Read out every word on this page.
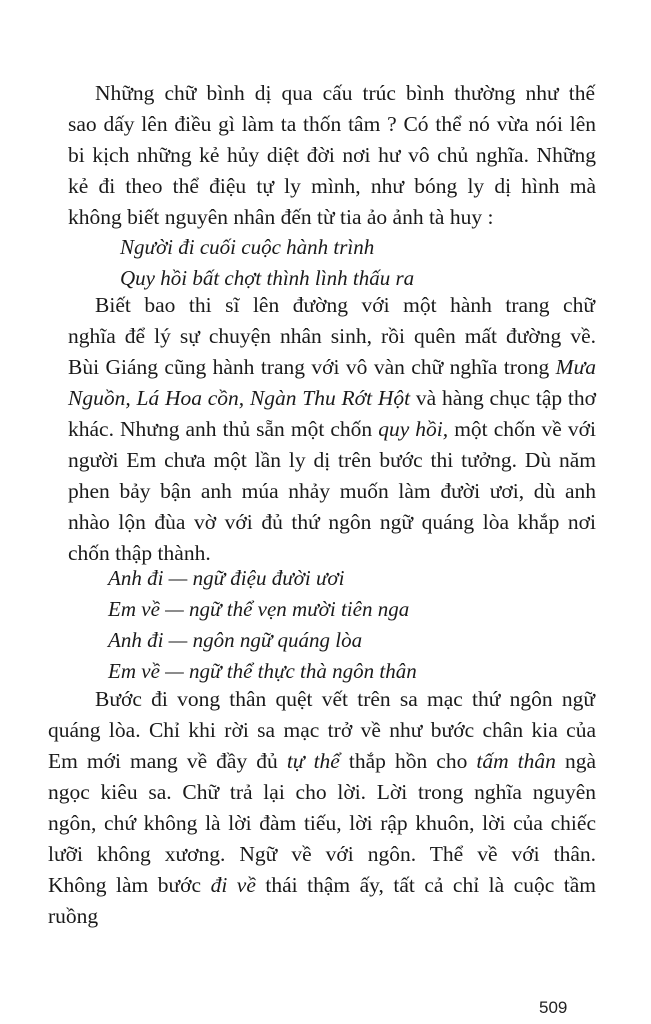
Những chữ bình dị qua cấu trúc bình thường như thế
sao dấy lên điều gì làm ta thốn tâm ? Có thể nó vừa nói lên
bi kịch những kẻ hủy diệt đời nơi hư vô chủ nghĩa. Những
kẻ đi theo thể điệu tự ly mình, như bóng ly dị hình mà
không biết nguyên nhân đến từ tia ảo ảnh tà huy :
Người đi cuối cuộc hành trình
Quy hồi bất chợt thình lình thấu ra
Biết bao thi sĩ lên đường với một hành trang chữ
nghĩa để lý sự chuyện nhân sinh, rồi quên mất đường về.
Bùi Giáng cũng hành trang với vô vàn chữ nghĩa trong Mưa
Nguồn, Lá Hoa cồn, Ngàn Thu Rớt Hột và hàng chục tập thơ
khác. Nhưng anh thủ sẵn một chốn quy hồi, một chốn về với
người Em chưa một lần ly dị trên bước thi tưởng. Dù năm
phen bảy bận anh múa nhảy muốn làm đười ươi, dù anh
nhào lộn đùa vờ với đủ thứ ngôn ngữ quáng lòa khắp nơi
chốn thập thành.
Anh đi — ngữ điệu đười ươi
Em về — ngữ thể vẹn mười tiên nga
Anh đi — ngôn ngữ quáng lòa
Em về — ngữ thể thực thà ngôn thân
Bước đi vong thân quệt vết trên sa mạc thứ ngôn ngữ
quáng lòa. Chỉ khi rời sa mạc trở về như bước chân kia của
Em mới mang về đầy đủ tự thể thắp hồn cho tấm thân ngà
ngọc kiêu sa. Chữ trả lại cho lời. Lời trong nghĩa nguyên
ngôn, chứ không là lời đàm tiếu, lời rập khuôn, lời của chiếc
lưỡi không xương. Ngữ về với ngôn. Thể về với thân.
Không làm bước đi về thái thậm ấy, tất cả chỉ là cuộc tầm
ruồng
509
